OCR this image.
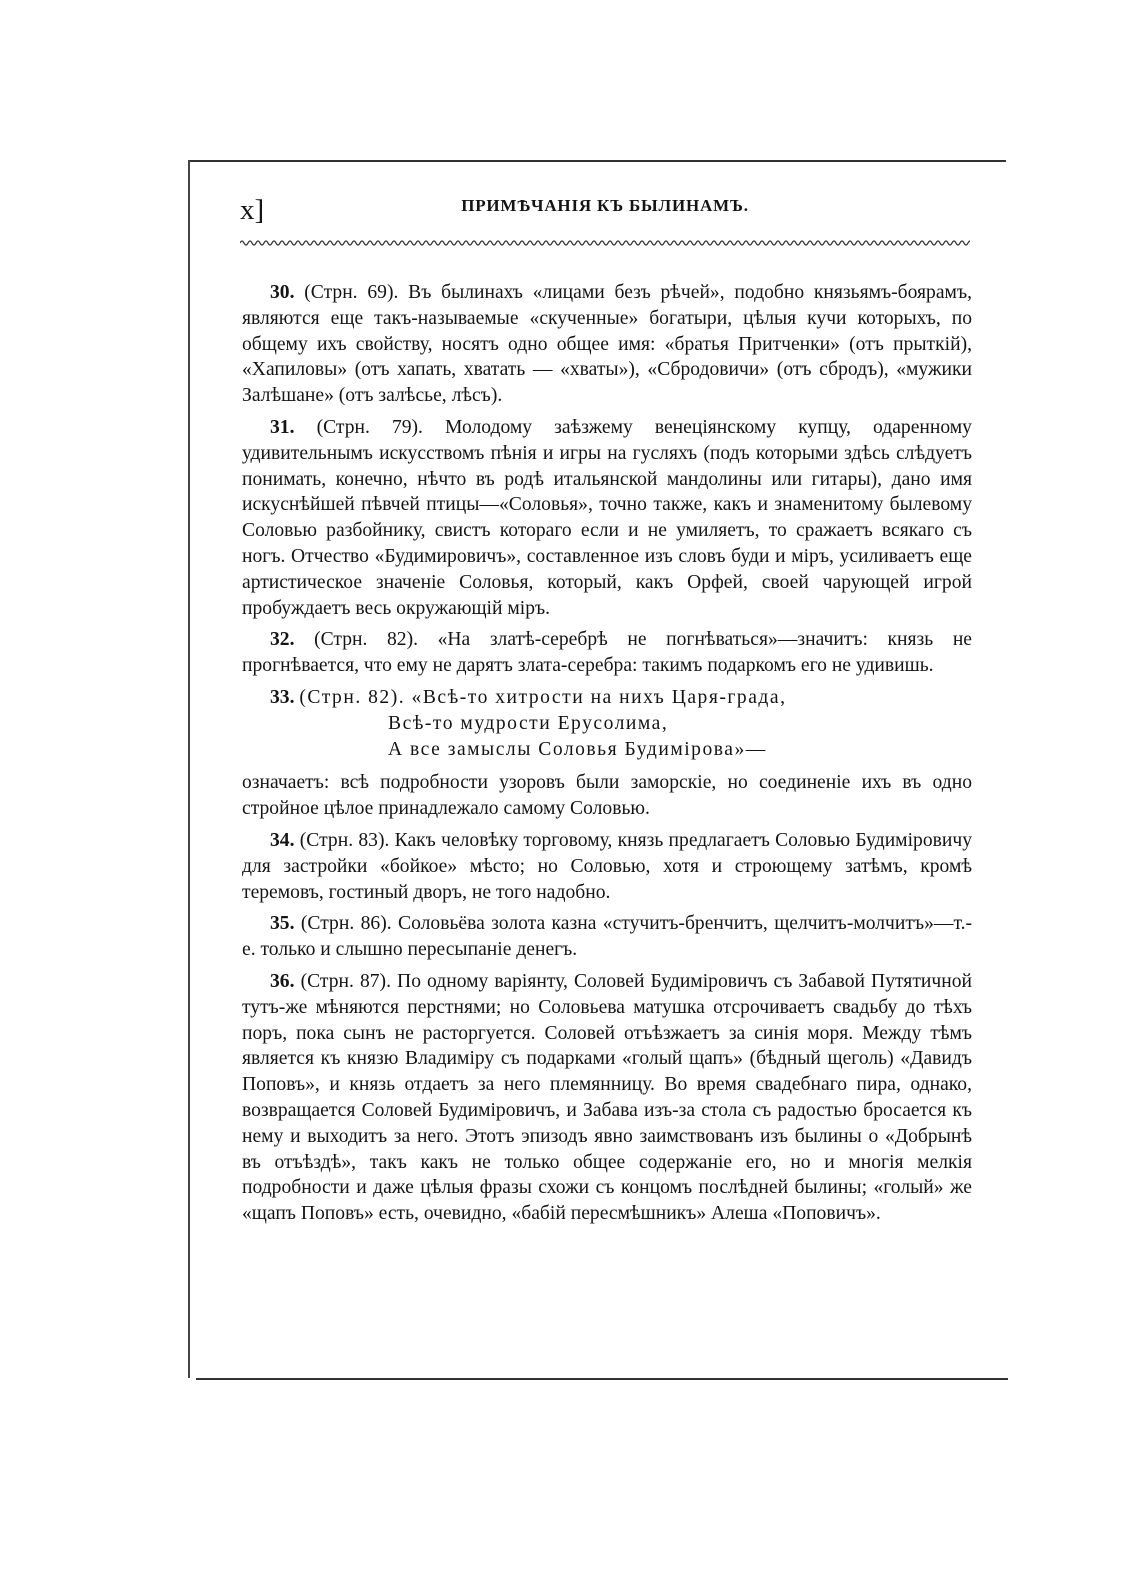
x]	ПРИМѢЧАНІЯ КЪ БЫЛИНАМЪ.

30. (Стрн. 69). Въ былинахъ «лицами безъ рѣчей», подобно князьямъ-боярамъ, являются еще такъ-называемые «скученные» богатыри, цѣлыя кучи которыхъ, по общему ихъ свойству, носятъ одно общее имя: «братья Притченки» (отъ прыткій), «Хапиловы» (отъ хапать, хватать — «хваты»), «Сбродовичи» (отъ сбродъ), «мужики Залѣшане» (отъ залѣсье, лѣсъ).

31. (Стрн. 79). Молодому заѣзжему венеціянскому купцу, одаренному удивительнымъ искусствомъ пѣнія и игры на гусляхъ (подъ которыми здѣсь слѣдуетъ понимать, конечно, нѣчто въ родѣ итальянской мандолины или гитары), дано имя искуснѣйшей пѣвчей птицы—«Соловья», точно также, какъ и знаменитому былевому Соловью разбойнику, свистъ котораго если и не умиляетъ, то сражаетъ всякаго съ ногъ. Отчество «Будимировичъ», составленное изъ словъ буди и міръ, усиливаетъ еще артистическое значеніе Соловья, который, какъ Орфей, своей чарующей игрой пробуждаетъ весь окружающій міръ.

32. (Стрн. 82). «На златѣ-серебрѣ не погнѣваться»—значитъ: князь не прогнѣвается, что ему не дарятъ злата-серебра: такимъ подаркомъ его не удивишь.

33. (Стрн. 82). «Всѣ-то хитрости на нихъ Царя-града,
Всѣ-то мудрости Ерусолима,
А все замыслы Соловья Будимірова»—

означаетъ: всѣ подробности узоровъ были заморскіе, но соединеніе ихъ въ одно стройное цѣлое принадлежало самому Соловью.

34. (Стрн. 83). Какъ человѣку торговому, князь предлагаетъ Соловью Будиміровичу для застройки «бойкое» мѣсто; но Соловью, хотя и строющему затѣмъ, кромѣ теремовъ, гостиный дворъ, не того надобно.

35. (Стрн. 86). Соловьёва золота казна «стучитъ-бренчитъ, щелчитъ-молчитъ»—т.-е. только и слышно пересыпаніе денегъ.

36. (Стрн. 87). По одному варіянту, Соловей Будиміровичъ съ Забавой Путятичной тутъ-же мѣняются перстнями; но Соловьева матушка отсрочиваетъ свадьбу до тѣхъ поръ, пока сынъ не расторгуется. Соловей отъѣзжаетъ за синія моря. Между тѣмъ является къ князю Владиміру съ подарками «голый щапъ» (бѣдный щеголь) «Давидъ Поповъ», и князь отдаетъ за него племянницу. Во время свадебнаго пира, однако, возвращается Соловей Будиміровичъ, и Забава изъ-за стола съ радостью бросается къ нему и выходитъ за него. Этотъ эпизодъ явно заимствованъ изъ былины о «Добрынѣ въ отъѣздѣ», такъ какъ не только общее содержаніе его, но и многія мелкія подробности и даже цѣлыя фразы схожи съ концомъ послѣдней былины; «голый» же «щапъ Поповъ» есть, очевидно, «бабій пересмѣшникъ» Алеша «Поповичъ».
